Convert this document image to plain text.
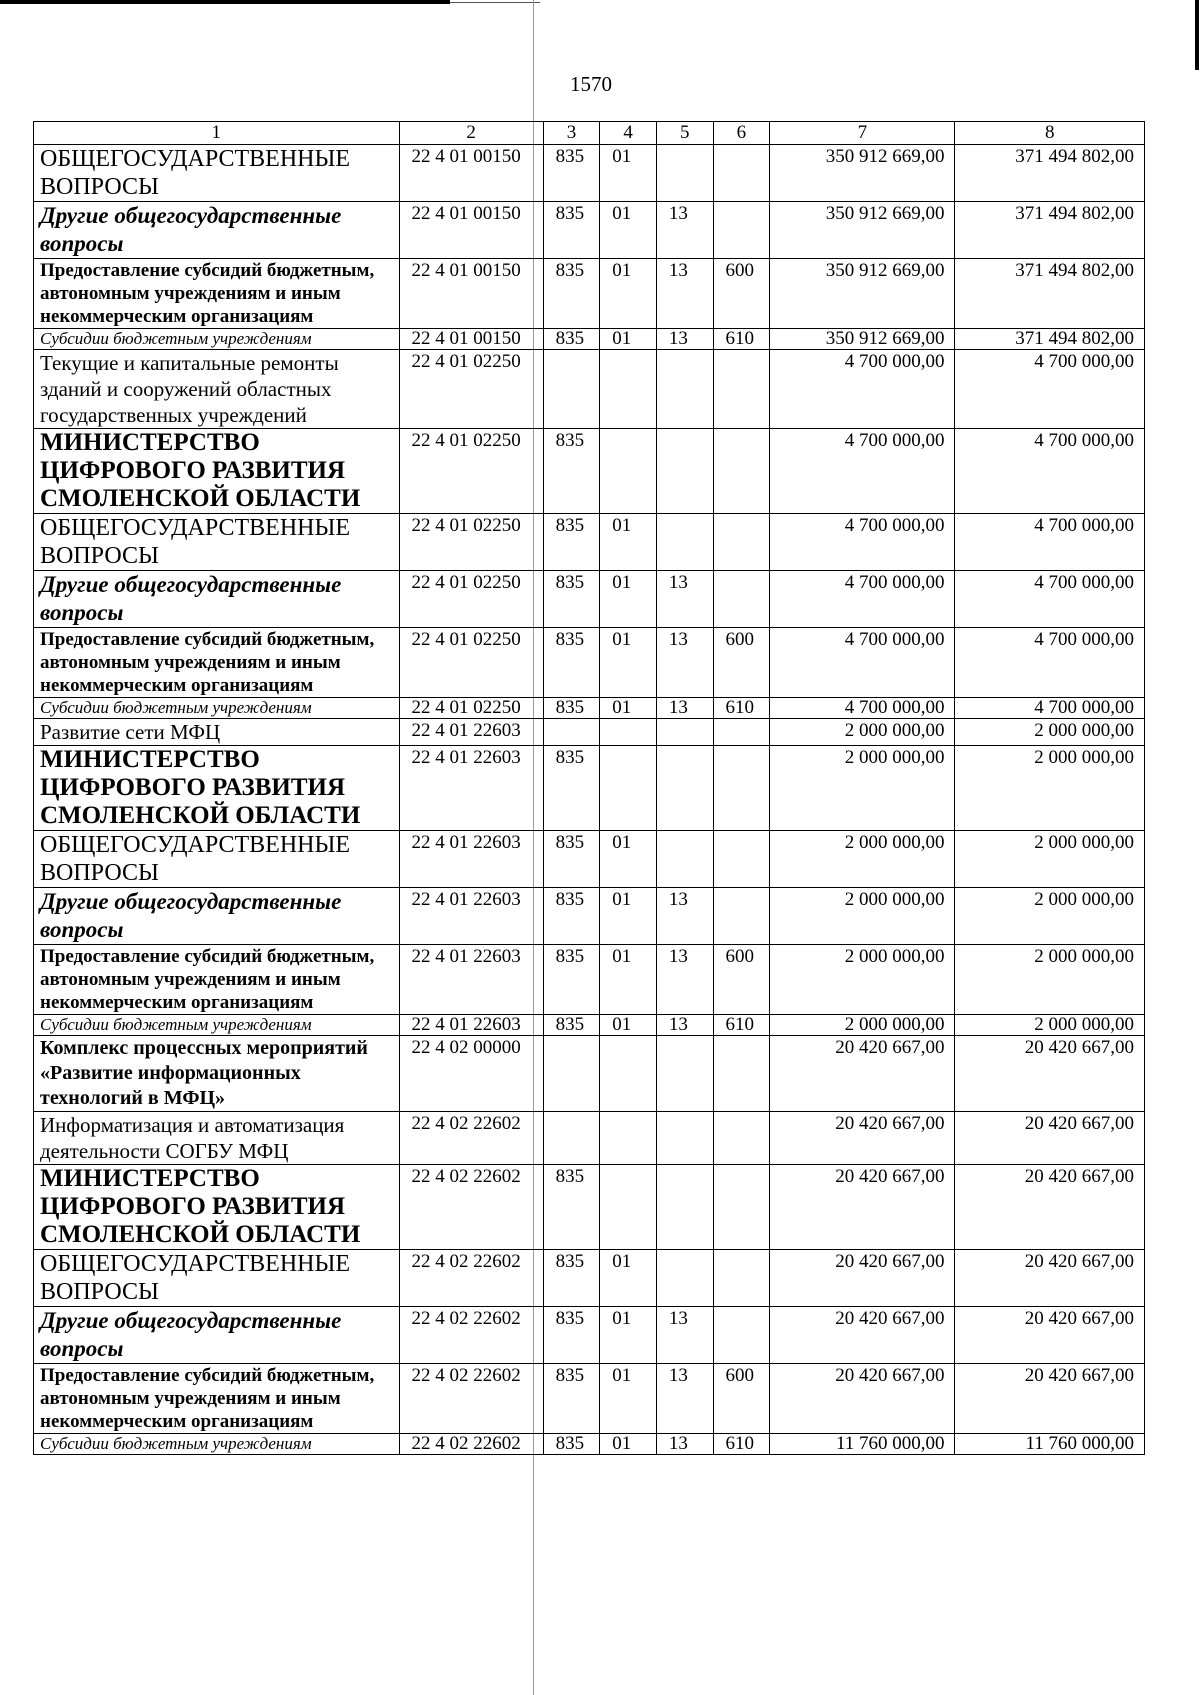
1570
1	2	3	4	5	6	7	8
ОБЩЕГОСУДАРСТВЕННЫЕ ВОПРОСЫ	22 4 01 00150	835	01			350 912 669,00	371 494 802,00
Другие общегосударственные вопросы	22 4 01 00150	835	01	13		350 912 669,00	371 494 802,00
Предоставление субсидий бюджетным, автономным учреждениям и иным некоммерческим организациям	22 4 01 00150	835	01	13	600	350 912 669,00	371 494 802,00
Субсидии бюджетным учреждениям	22 4 01 00150	835	01	13	610	350 912 669,00	371 494 802,00
Текущие и капитальные ремонты зданий и сооружений областных государственных учреждений	22 4 01 02250					4 700 000,00	4 700 000,00
МИНИСТЕРСТВО ЦИФРОВОГО РАЗВИТИЯ СМОЛЕНСКОЙ ОБЛАСТИ	22 4 01 02250	835				4 700 000,00	4 700 000,00
ОБЩЕГОСУДАРСТВЕННЫЕ ВОПРОСЫ	22 4 01 02250	835	01			4 700 000,00	4 700 000,00
Другие общегосударственные вопросы	22 4 01 02250	835	01	13		4 700 000,00	4 700 000,00
Предоставление субсидий бюджетным, автономным учреждениям и иным некоммерческим организациям	22 4 01 02250	835	01	13	600	4 700 000,00	4 700 000,00
Субсидии бюджетным учреждениям	22 4 01 02250	835	01	13	610	4 700 000,00	4 700 000,00
Развитие сети МФЦ	22 4 01 22603					2 000 000,00	2 000 000,00
МИНИСТЕРСТВО ЦИФРОВОГО РАЗВИТИЯ СМОЛЕНСКОЙ ОБЛАСТИ	22 4 01 22603	835				2 000 000,00	2 000 000,00
ОБЩЕГОСУДАРСТВЕННЫЕ ВОПРОСЫ	22 4 01 22603	835	01			2 000 000,00	2 000 000,00
Другие общегосударственные вопросы	22 4 01 22603	835	01	13		2 000 000,00	2 000 000,00
Предоставление субсидий бюджетным, автономным учреждениям и иным некоммерческим организациям	22 4 01 22603	835	01	13	600	2 000 000,00	2 000 000,00
Субсидии бюджетным учреждениям	22 4 01 22603	835	01	13	610	2 000 000,00	2 000 000,00
Комплекс процессных мероприятий «Развитие информационных технологий в МФЦ»	22 4 02 00000					20 420 667,00	20 420 667,00
Информатизация и автоматизация деятельности СОГБУ МФЦ	22 4 02 22602					20 420 667,00	20 420 667,00
МИНИСТЕРСТВО ЦИФРОВОГО РАЗВИТИЯ СМОЛЕНСКОЙ ОБЛАСТИ	22 4 02 22602	835				20 420 667,00	20 420 667,00
ОБЩЕГОСУДАРСТВЕННЫЕ ВОПРОСЫ	22 4 02 22602	835	01			20 420 667,00	20 420 667,00
Другие общегосударственные вопросы	22 4 02 22602	835	01	13		20 420 667,00	20 420 667,00
Предоставление субсидий бюджетным, автономным учреждениям и иным некоммерческим организациям	22 4 02 22602	835	01	13	600	20 420 667,00	20 420 667,00
Субсидии бюджетным учреждениям	22 4 02 22602	835	01	13	610	11 760 000,00	11 760 000,00
